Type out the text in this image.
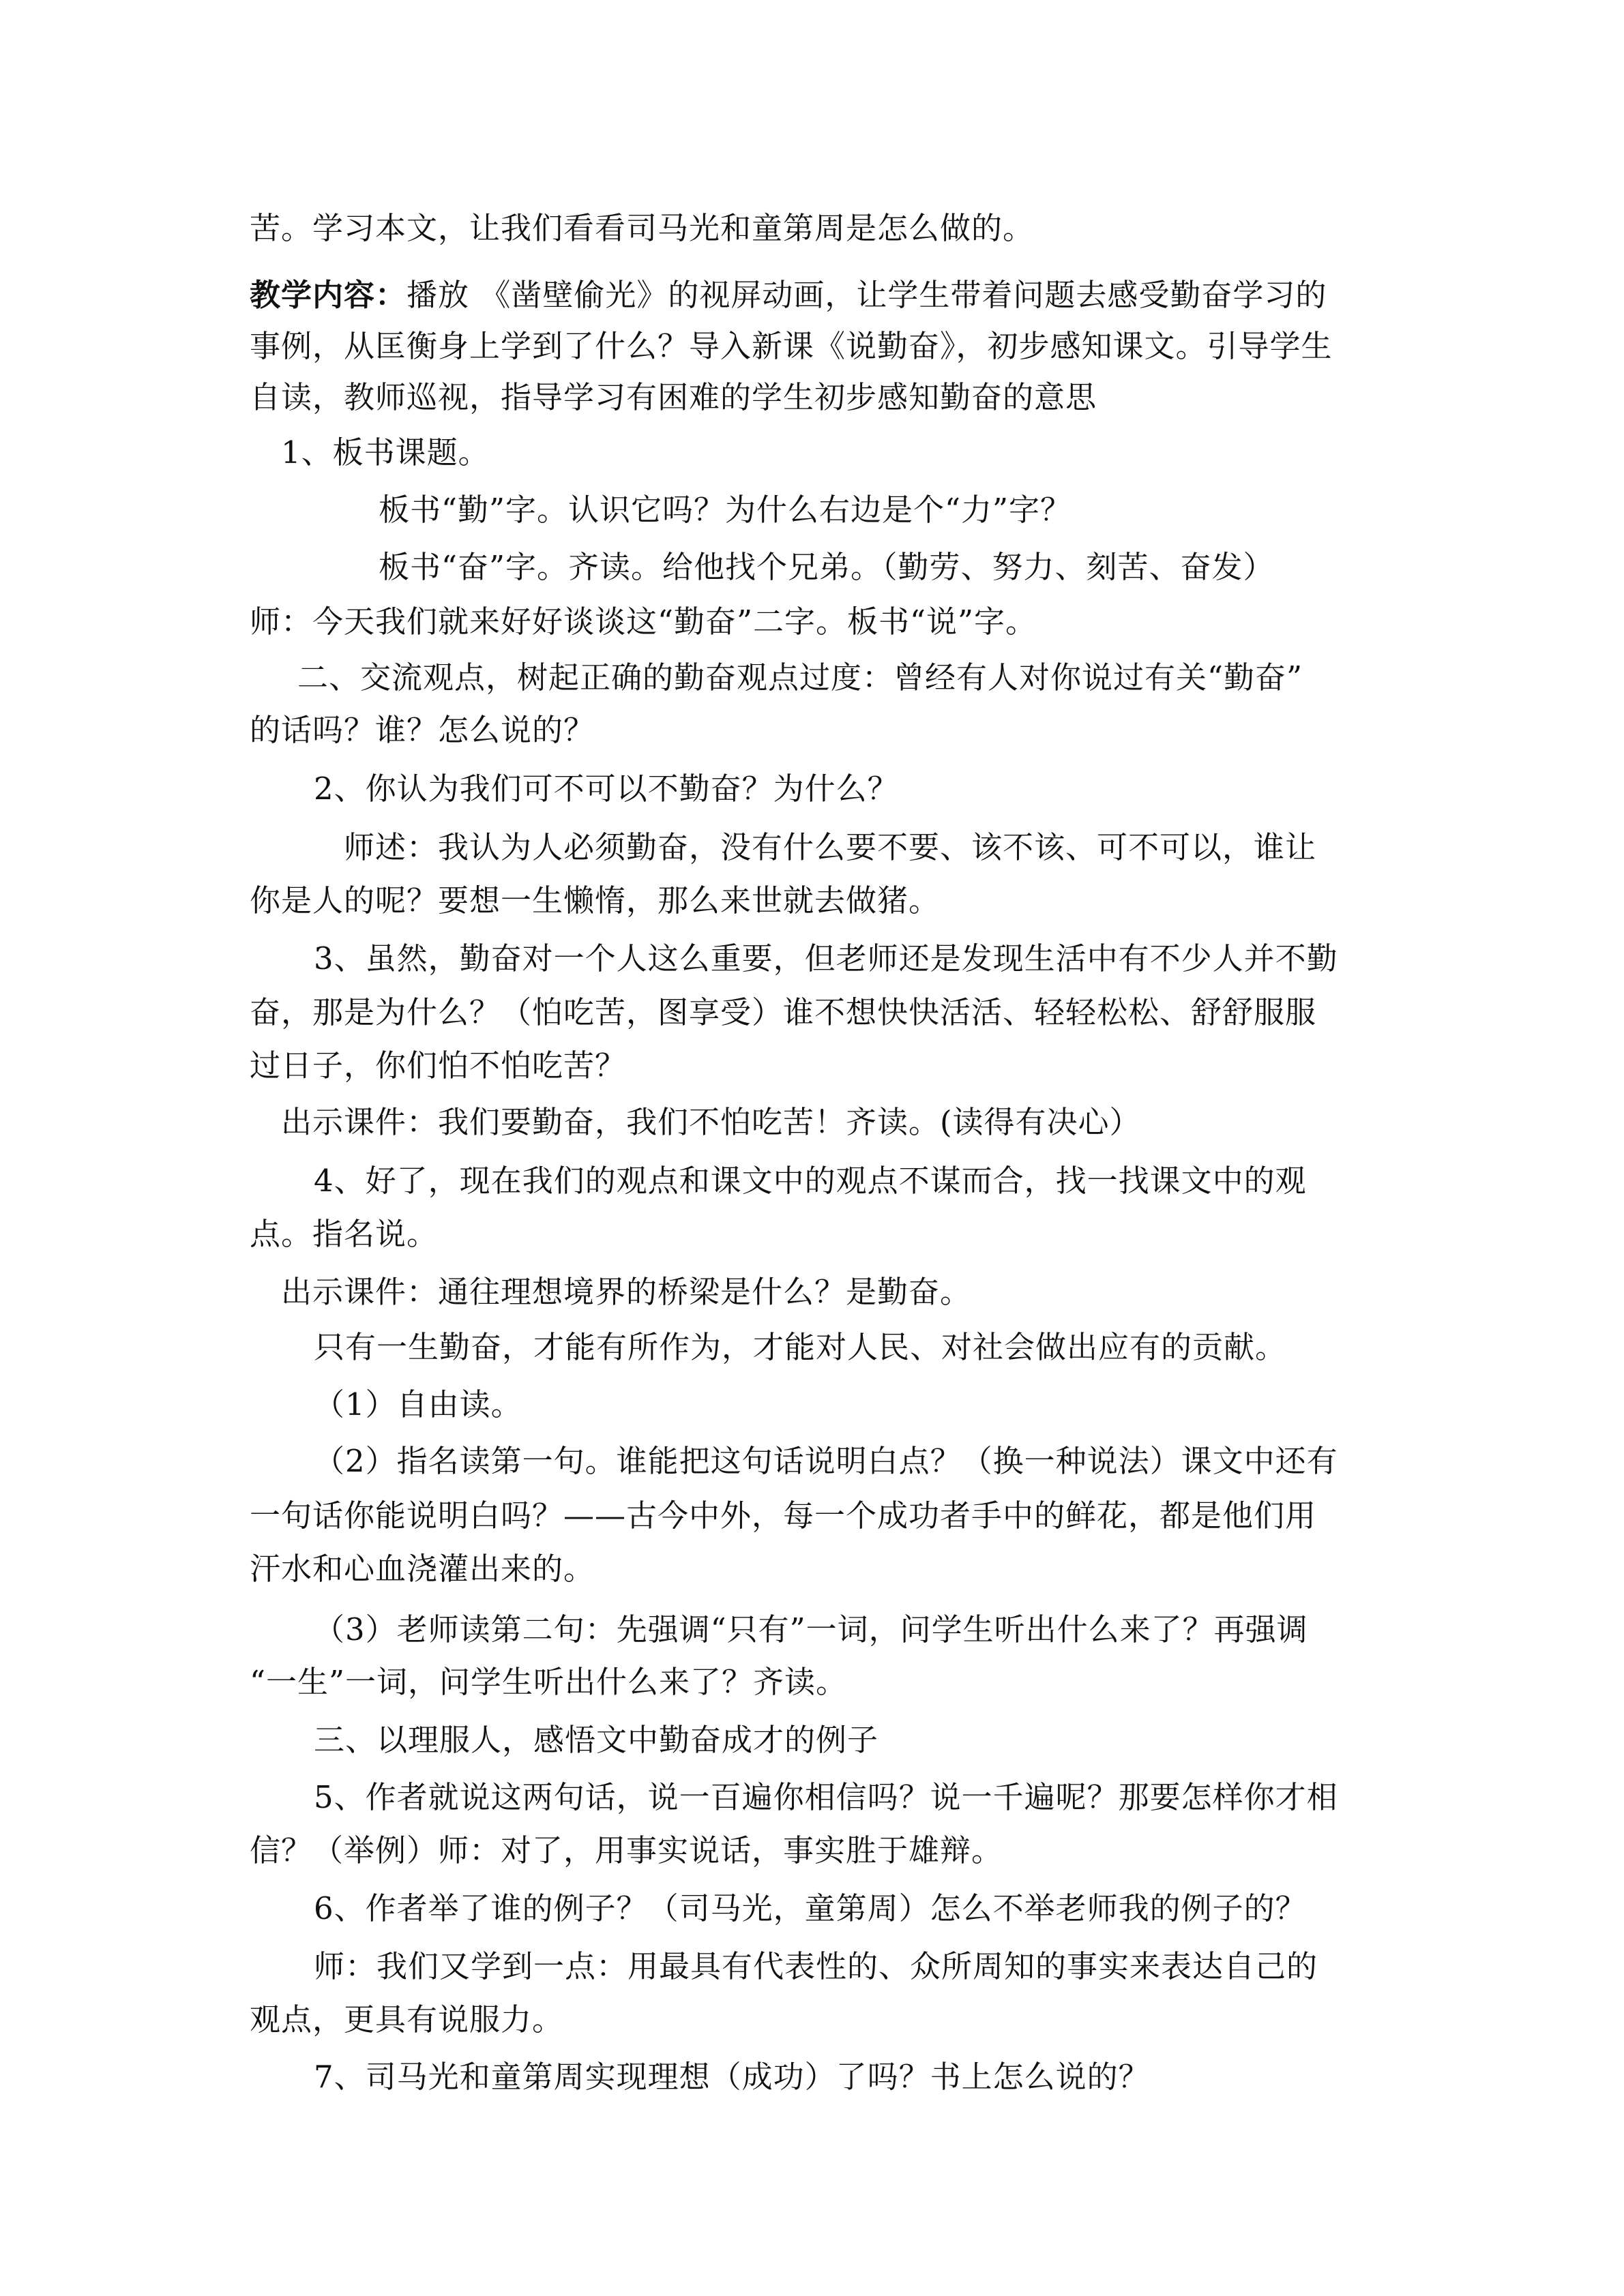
苦。学习本文，让我们看看司马光和童第周是怎么做的。
教学内容：播放 《凿壁偷光》的视屏动画，让学生带着问题去感受勤奋学习的
事例，从匡衡身上学到了什么？导入新课《说勤奋》，初步感知课文。引导学生
自读，教师巡视，指导学习有困难的学生初步感知勤奋的意思
1、板书课题。
板书“勤”字。认识它吗？为什么右边是个“力”字？
板书“奋”字。齐读。给他找个兄弟。（勤劳、努力、刻苦、奋发）
师：今天我们就来好好谈谈这“勤奋”二字。板书“说”字。
二、交流观点，树起正确的勤奋观点过度：曾经有人对你说过有关“勤奋”
的话吗？谁？怎么说的？
2、你认为我们可不可以不勤奋？为什么？
师述：我认为人必须勤奋，没有什么要不要、该不该、可不可以，谁让
你是人的呢？要想一生懒惰，那么来世就去做猪。
3、虽然，勤奋对一个人这么重要，但老师还是发现生活中有不少人并不勤
奋，那是为什么？（怕吃苦，图享受）谁不想快快活活、轻轻松松、舒舒服服
过日子，你们怕不怕吃苦？
出示课件：我们要勤奋，我们不怕吃苦！齐读。(读得有决心）
4、好了，现在我们的观点和课文中的观点不谋而合，找一找课文中的观
点。指名说。
出示课件：通往理想境界的桥梁是什么？是勤奋。
只有一生勤奋，才能有所作为，才能对人民、对社会做出应有的贡献。
（1）自由读。
（2）指名读第一句。谁能把这句话说明白点？（换一种说法）课文中还有
一句话你能说明白吗？——古今中外，每一个成功者手中的鲜花，都是他们用
汗水和心血浇灌出来的。
（3）老师读第二句：先强调“只有”一词，问学生听出什么来了？再强调
“一生”一词，问学生听出什么来了？齐读。
三、以理服人，感悟文中勤奋成才的例子
5、作者就说这两句话，说一百遍你相信吗？说一千遍呢？那要怎样你才相
信？（举例）师：对了，用事实说话，事实胜于雄辩。
6、作者举了谁的例子？（司马光，童第周）怎么不举老师我的例子的？
师：我们又学到一点：用最具有代表性的、众所周知的事实来表达自己的
观点，更具有说服力。
7、司马光和童第周实现理想（成功）了吗？书上怎么说的？
